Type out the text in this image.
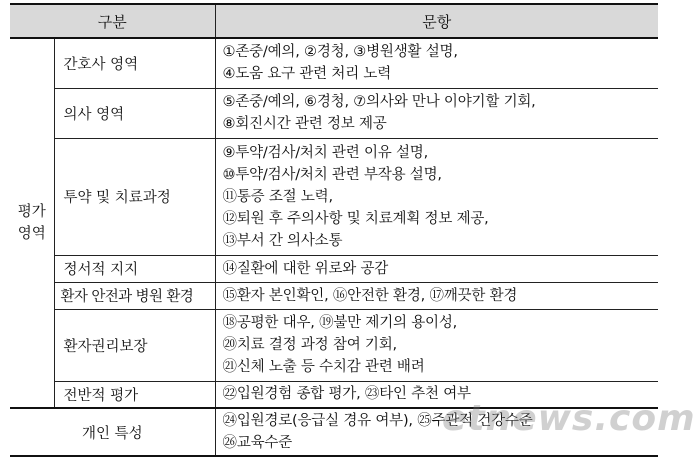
구분		문항

평가
영역	간호사 영역	①존중/예의, ②경청, ③병원생활 설명,
④도움 요구 관련 처리 노력

	의사 영역	⑤존중/예의, ⑥경청, ⑦의사와 만나 이야기할 기회,
⑧회진시간 관련 정보 제공

	투약 및 치료과정	⑨투약/검사/처치 관련 이유 설명,
⑩투약/검사/처치 관련 부작용 설명,
⑪통증 조절 노력,
⑫퇴원 후 주의사항 및 치료계획 정보 제공,
⑬부서 간 의사소통

	정서적 지지	⑭질환에 대한 위로와 공감

	환자 안전과 병원 환경	⑮환자 본인확인, ⑯안전한 환경, ⑰깨끗한 환경

	환자권리보장	⑱공평한 대우, ⑲불만 제기의 용이성,
⑳치료 결정 과정 참여 기회,
㉑신체 노출 등 수치감 관련 배려

	전반적 평가	㉒입원경험 종합 평가, ㉓타인 추천 여부

개인 특성		㉔입원경로(응급실 경유 여부), ㉕주관적 건강수준
㉖교육수준
etnews.com
